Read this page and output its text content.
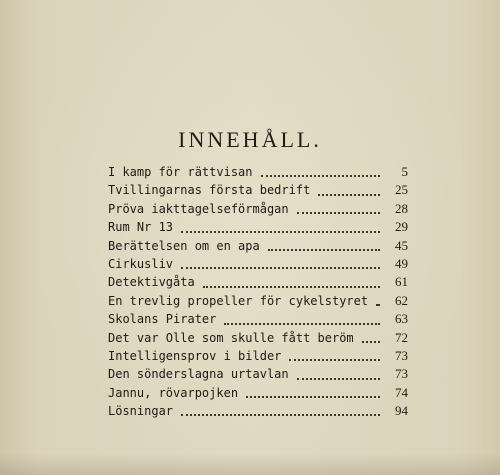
INNEHÅLL.
I kamp för rättvisan	5
Tvillingarnas första bedrift	25
Pröva iakttagelseförmågan	28
Rum Nr 13	29
Berättelsen om en apa	45
Cirkusliv	49
Detektivgåta	61
En trevlig propeller för cykelstyret	62
Skolans Pirater	63
Det var Olle som skulle fått beröm	72
Intelligensprov i bilder	73
Den sönderslagna urtavlan	73
Jannu, rövarpojken	74
Lösningar	94
